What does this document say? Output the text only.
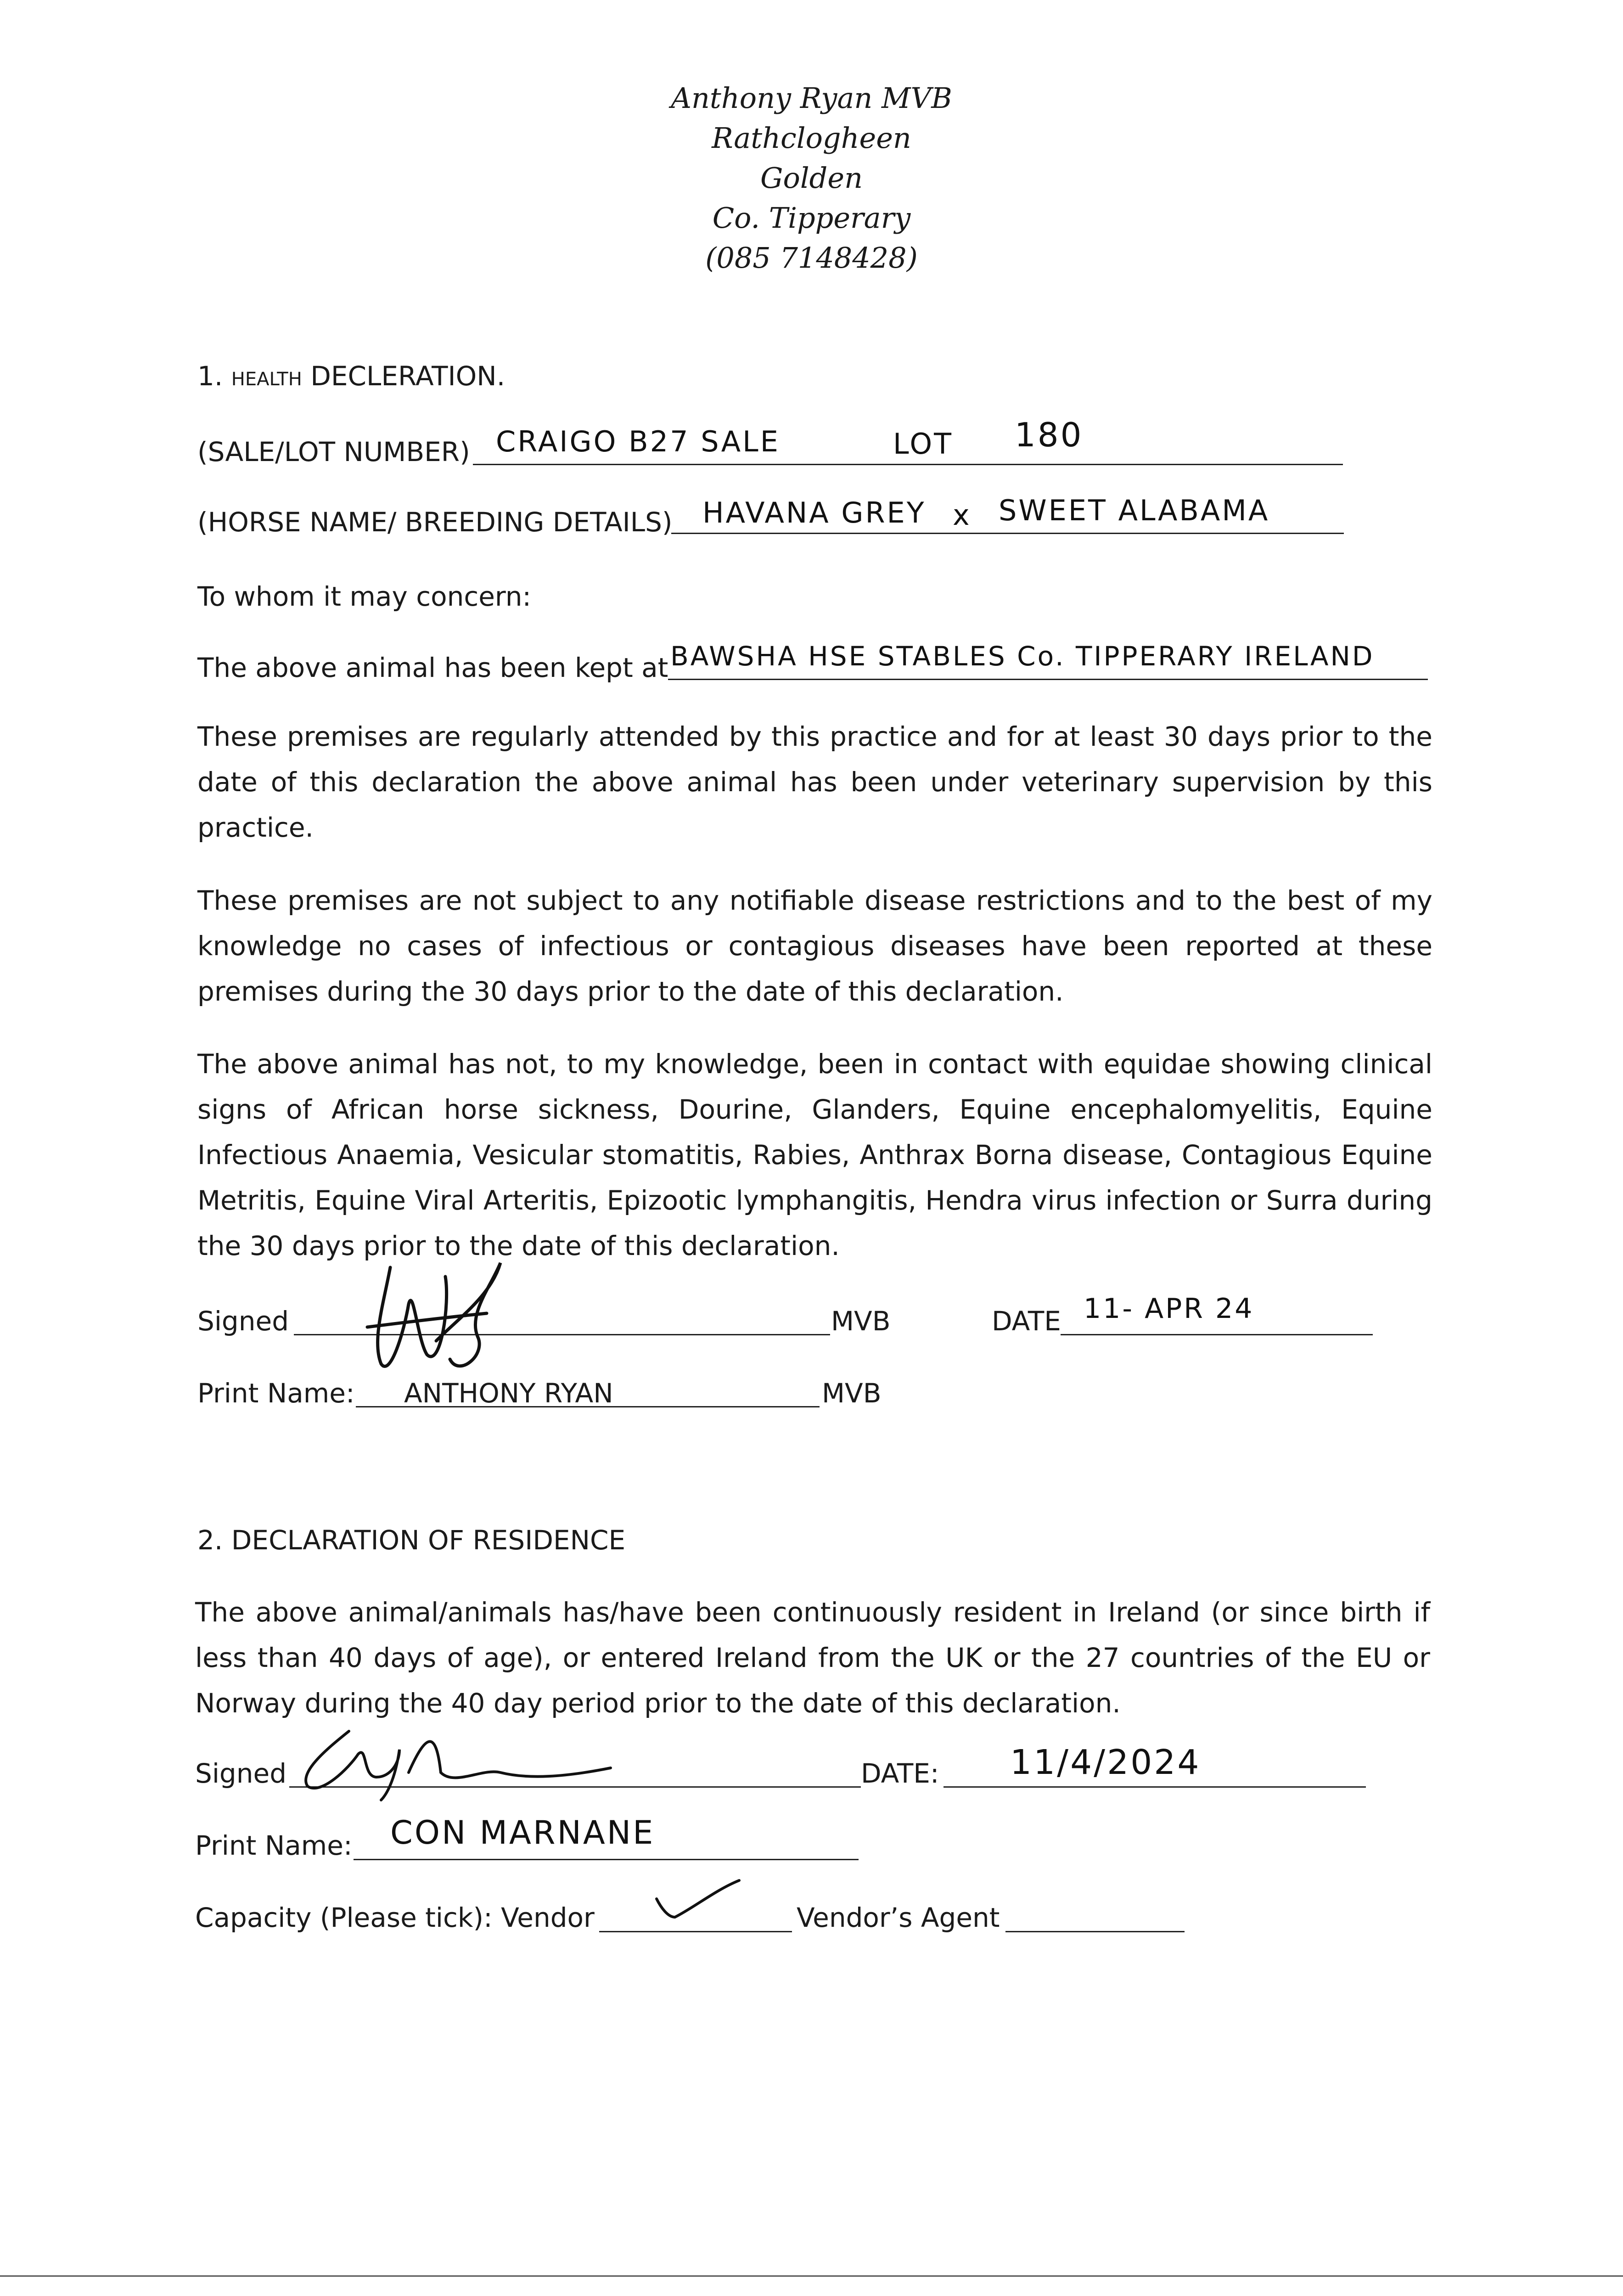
Anthony Ryan MVB
Rathclogheen
Golden
Co. Tipperary
(085 7148428)
1. HEALTH DECLERATION.
(SALE/LOT NUMBER) CRAIGO B27 SALE	LOT 180
(HORSE NAME/ BREEDING DETAILS) HAVANA GREY x SWEET ALABAMA
To whom it may concern:
The above animal has been kept at BAWSHA HSE STABLES Co. TIPPERARY IRELAND
These premises are regularly attended by this practice and for at least 30 days prior to the date of this declaration the above animal has been under veterinary supervision by this practice.
These premises are not subject to any notifiable disease restrictions and to the best of my knowledge no cases of infectious or contagious diseases have been reported at these premises during the 30 days prior to the date of this declaration.
The above animal has not, to my knowledge, been in contact with equidae showing clinical signs of African horse sickness, Dourine, Glanders, Equine encephalomyelitis, Equine Infectious Anaemia, Vesicular stomatitis, Rabies, Anthrax Borna disease, Contagious Equine Metritis, Equine Viral Arteritis, Epizootic lymphangitis, Hendra virus infection or Surra during the 30 days prior to the date of this declaration.
Signed	MVB	DATE 11- APR 24
Print Name: ANTHONY RYAN	MVB
2. DECLARATION OF RESIDENCE
The above animal/animals has/have been continuously resident in Ireland (or since birth if less than 40 days of age), or entered Ireland from the UK or the 27 countries of the EU or Norway during the 40 day period prior to the date of this declaration.
Signed	DATE: 11/4/2024
Print Name: CON MARNANE
Capacity (Please tick): Vendor	Vendor’s Agent
